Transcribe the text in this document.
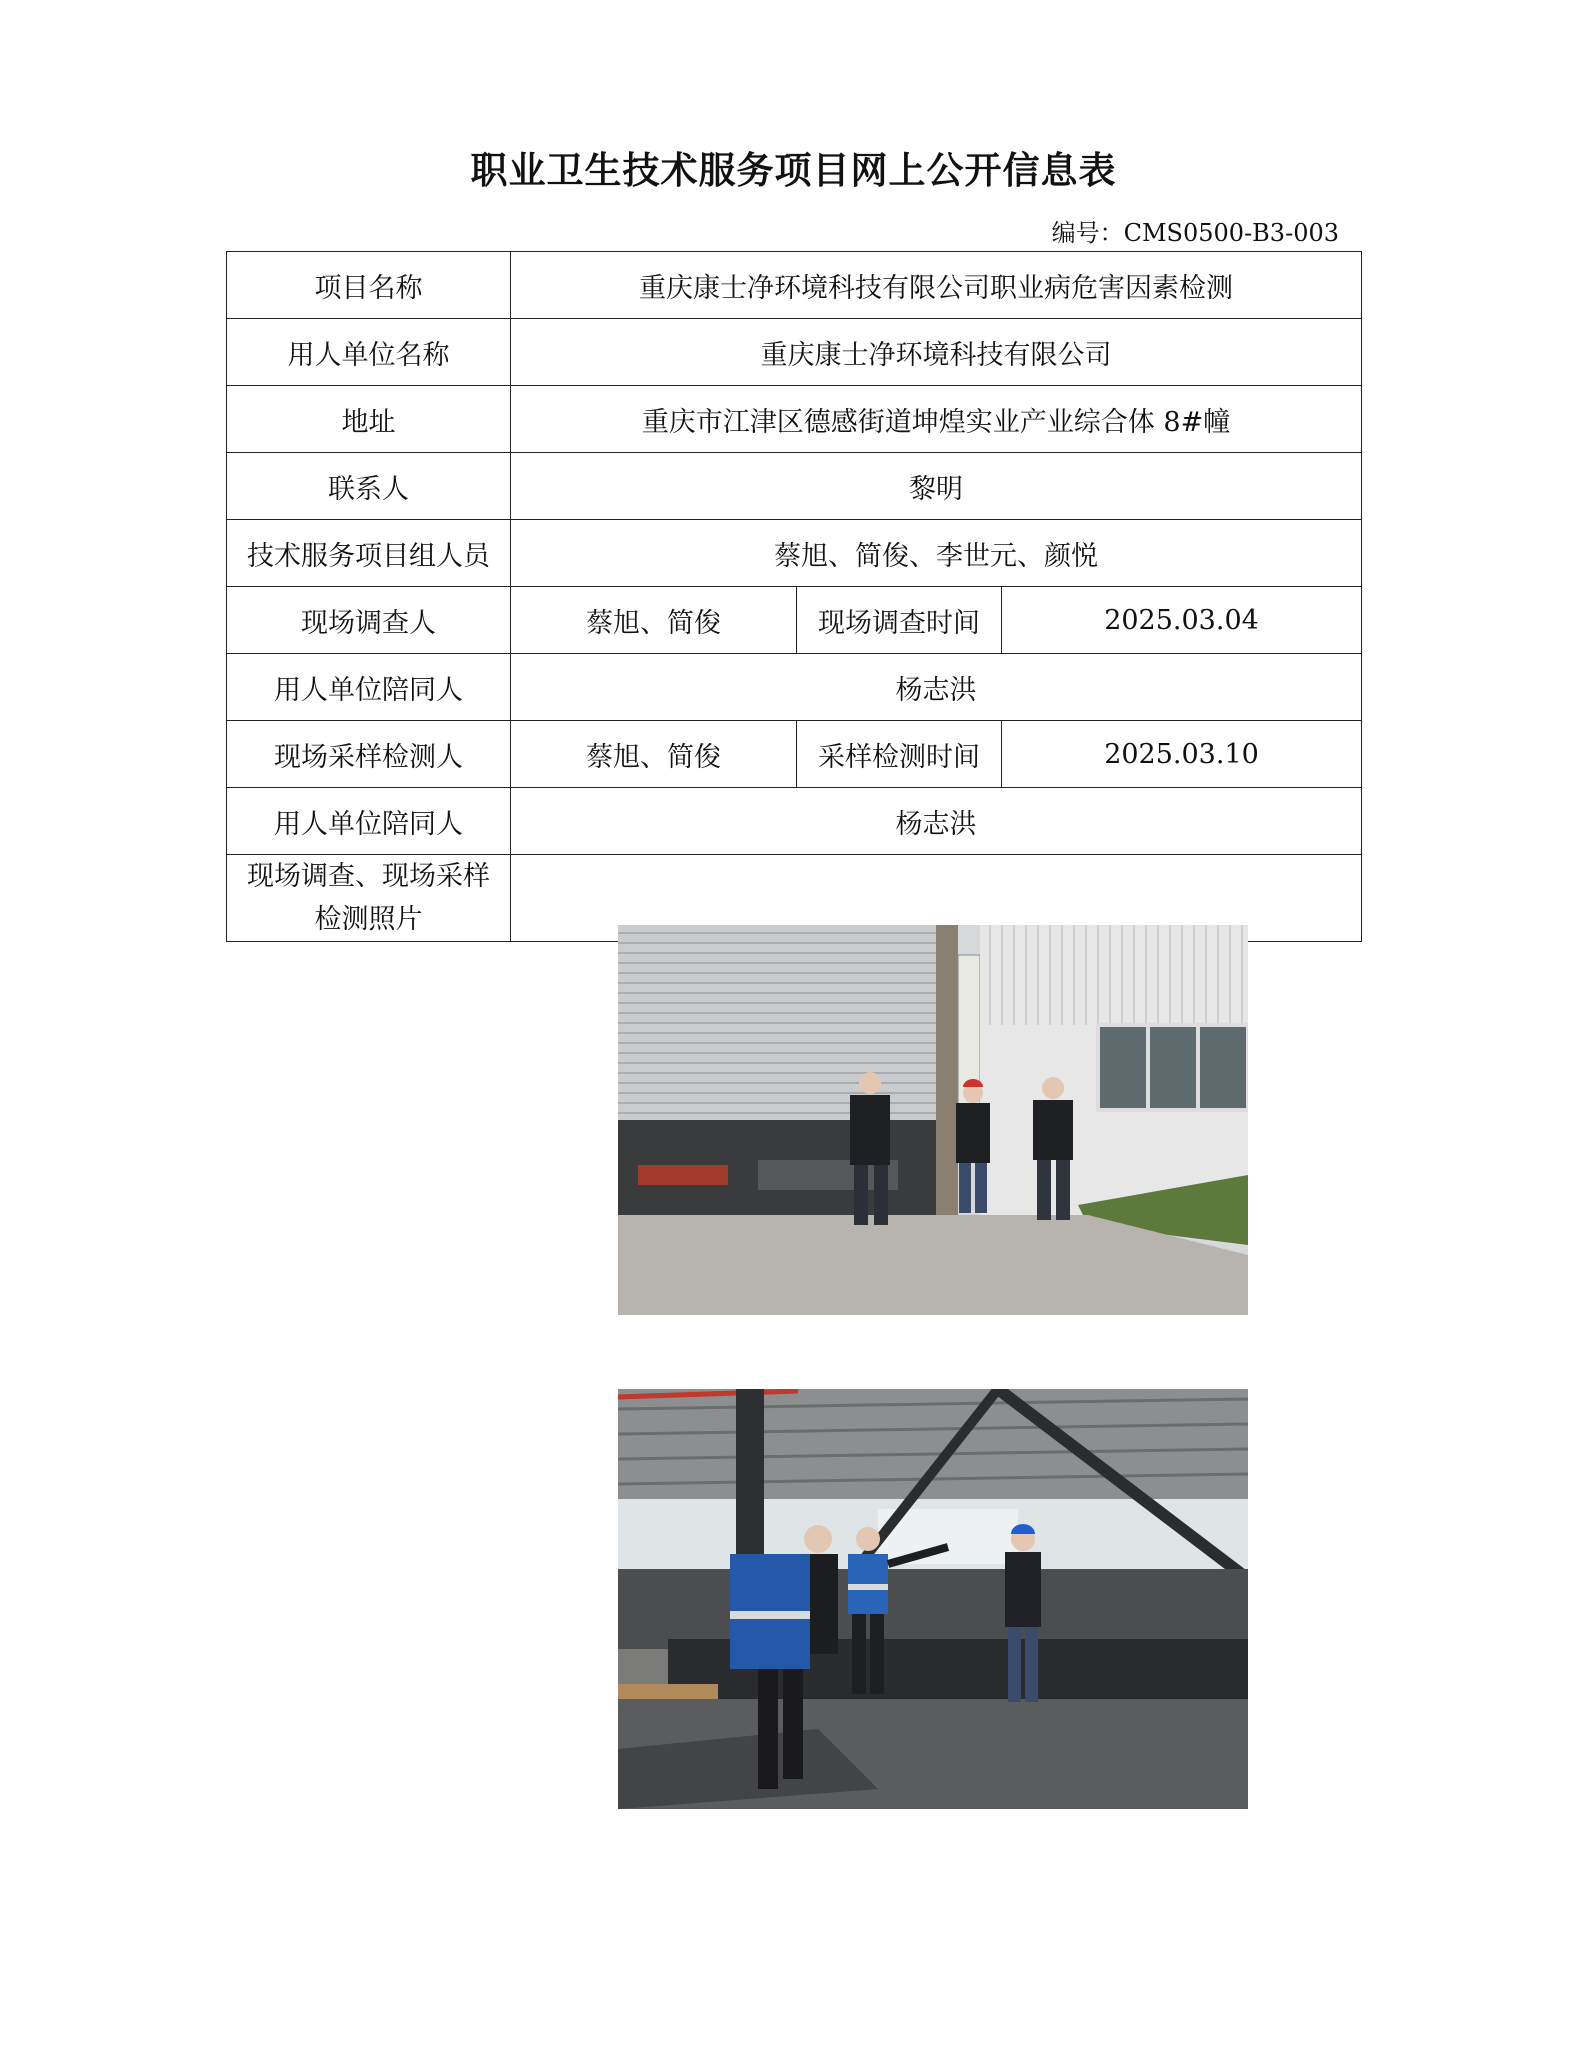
职业卫生技术服务项目网上公开信息表
编号：CMS0500-B3-003
项目名称	重庆康士净环境科技有限公司职业病危害因素检测		
用人单位名称	重庆康士净环境科技有限公司		
地址	重庆市江津区德感街道坤煌实业产业综合体 8#幢		
联系人	黎明		
技术服务项目组人员	蔡旭、简俊、李世元、颜悦		
现场调查人	蔡旭、简俊	现场调查时间	2025.03.04
用人单位陪同人	杨志洪		
现场采样检测人	蔡旭、简俊	采样检测时间	2025.03.10
用人单位陪同人	杨志洪		

现场调查、现场采样
检测照片
